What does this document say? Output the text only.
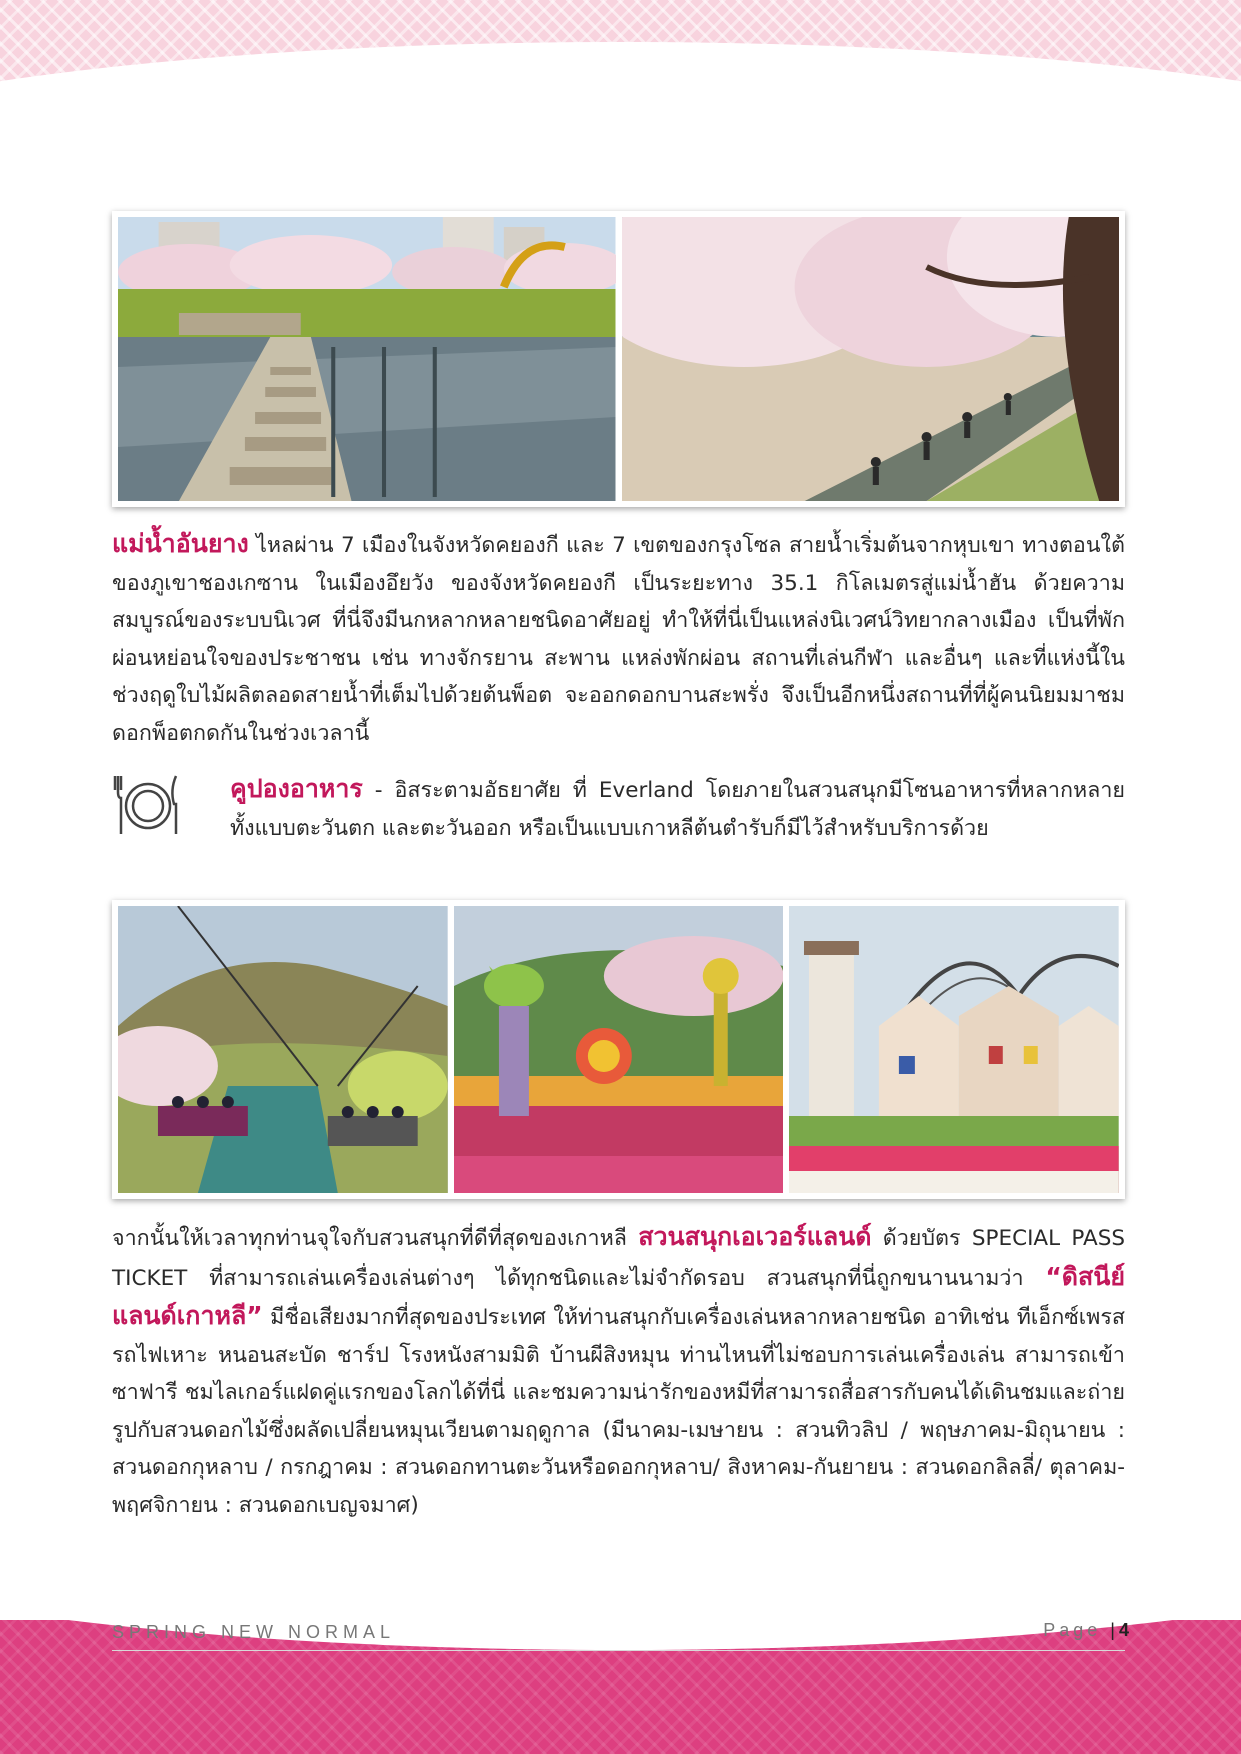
แม่น้ำอันยาง ไหลผ่าน 7 เมืองในจังหวัดคยองกี และ 7 เขตของกรุงโซล สายน้ำเริ่มต้นจากหุบเขา ทางตอนใต้ของภูเขาชองเกซาน ในเมืองอึยวัง ของจังหวัดคยองกี เป็นระยะทาง 35.1 กิโลเมตรสู่แม่น้ำฮัน ด้วยความสมบูรณ์ของระบบนิเวศ ที่นี่จึงมีนกหลากหลายชนิดอาศัยอยู่ ทำให้ที่นี่เป็นแหล่งนิเวศน์วิทยากลางเมือง เป็นที่พักผ่อนหย่อนใจของประชาชน เช่น ทางจักรยาน สะพาน แหล่งพักผ่อน สถานที่เล่นกีฬา และอื่นๆ และที่แห่งนี้ในช่วงฤดูใบไม้ผลิตลอดสายน้ำที่เต็มไปด้วยต้นพ็อต จะออกดอกบานสะพรั่ง จึงเป็นอีกหนึ่งสถานที่ที่ผู้คนนิยมมาชมดอกพ็อตกดกันในช่วงเวลานี้
คูปองอาหาร - อิสระตามอัธยาศัย ที่ Everland โดยภายในสวนสนุกมีโซนอาหารที่หลากหลาย ทั้งแบบตะวันตก และตะวันออก หรือเป็นแบบเกาหลีต้นตำรับก็มีไว้สำหรับบริการด้วย
จากนั้นให้เวลาทุกท่านจุใจกับสวนสนุกที่ดีที่สุดของเกาหลี สวนสนุกเอเวอร์แลนด์ ด้วยบัตร SPECIAL PASS TICKET ที่สามารถเล่นเครื่องเล่นต่างๆ ได้ทุกชนิดและไม่จำกัดรอบ สวนสนุกที่นี่ถูกขนานนามว่า “ดิสนีย์แลนด์เกาหลี” มีชื่อเสียงมากที่สุดของประเทศ ให้ท่านสนุกกับเครื่องเล่นหลากหลายชนิด อาทิเช่น ทีเอ็กซ์เพรส รถไฟเหาะ หนอนสะบัด ชาร์ป โรงหนังสามมิติ บ้านผีสิงหมุน ท่านไหนที่ไม่ชอบการเล่นเครื่องเล่น สามารถเข้าซาฟารี ชมไลเกอร์แฝดคู่แรกของโลกได้ที่นี่ และชมความน่ารักของหมีที่สามารถสื่อสารกับคนได้เดินชมและถ่ายรูปกับสวนดอกไม้ซึ่งผลัดเปลี่ยนหมุนเวียนตามฤดูกาล (มีนาคม-เมษายน : สวนทิวลิป / พฤษภาคม-มิถุนายน : สวนดอกกุหลาบ / กรกฎาคม : สวนดอกทานตะวันหรือดอกกุหลาบ/ สิงหาคม-กันยายน : สวนดอกลิลลี่/ ตุลาคม-พฤศจิกายน : สวนดอกเบญจมาศ)
SPRING NEW NORMAL	Page |4
